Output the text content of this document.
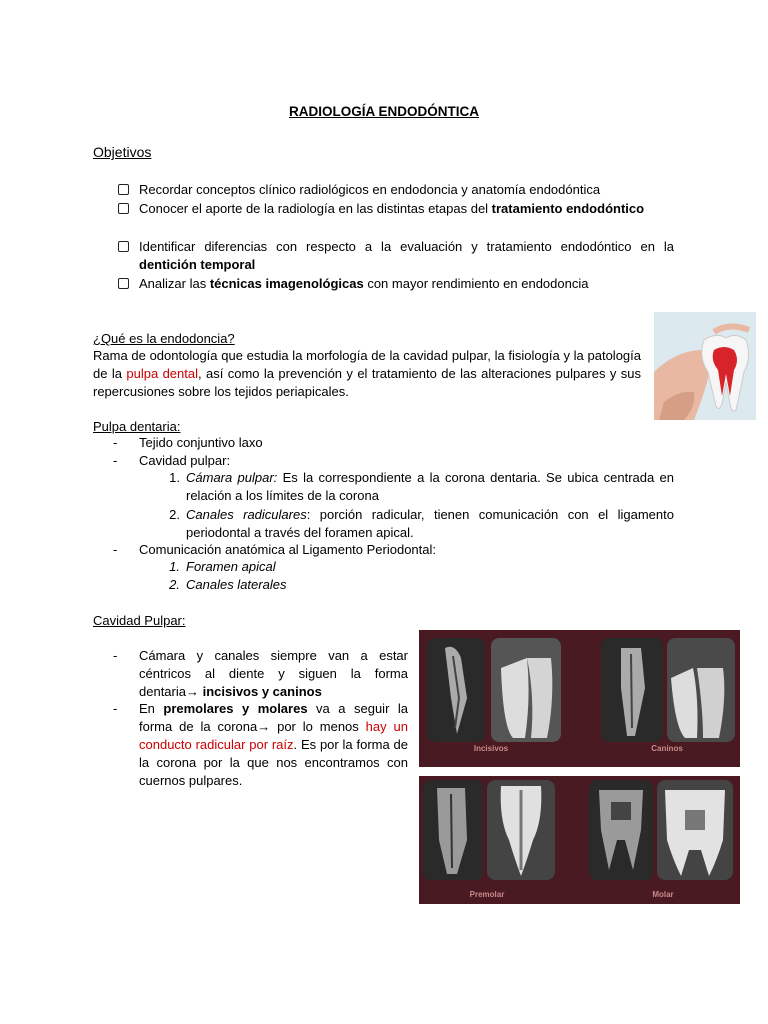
RADIOLOGÍA ENDODÓNTICA
Objetivos
Recordar conceptos clínico radiológicos en endodoncia y anatomía endodóntica
Conocer el aporte de la radiología en las distintas etapas del tratamiento endodóntico
Identificar diferencias con respecto a la evaluación y tratamiento endodóntico en la dentición temporal
Analizar las técnicas imagenológicas con mayor rendimiento en endodoncia
¿Qué es la endodoncia?
Rama de odontología que estudia la morfología de la cavidad pulpar, la fisiología y la patología de la pulpa dental, así como la prevención y el tratamiento de las alteraciones pulpares y sus repercusiones sobre los tejidos periapicales.
Pulpa dentaria:
- Tejido conjuntivo laxo
- Cavidad pulpar:
1. Cámara pulpar: Es la correspondiente a la corona dentaria. Se ubica centrada en relación a los límites de la corona
2. Canales radiculares: porción radicular, tienen comunicación con el ligamento periodontal a través del foramen apical.
- Comunicación anatómica al Ligamento Periodontal:
1. Foramen apical
2. Canales laterales
Cavidad Pulpar:
- Cámara y canales siempre van a estar céntricos al diente y siguen la forma dentaria→ incisivos y caninos
- En premolares y molares va a seguir la forma de la corona→ por lo menos hay un conducto radicular por raíz. Es por la forma de la corona por la que nos encontramos con cuernos pulpares.
Incisivos	Caninos
Premolar	Molar
